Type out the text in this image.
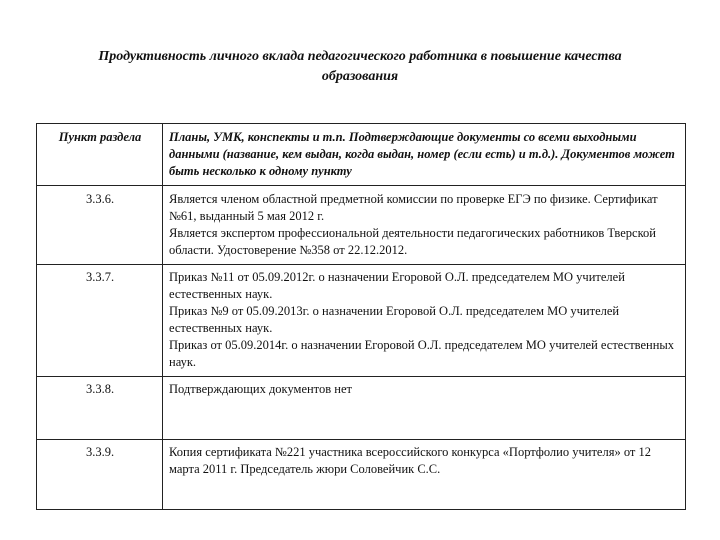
Продуктивность личного вклада педагогического работника в повышение качества
образования
Пункт раздела	Планы, УМК, конспекты и т.п. Подтверждающие документы со всеми выходными данными (название, кем выдан, когда выдан, номер (если есть) и т.д.). Документов может быть несколько к одному пункту
3.3.6.	Является членом областной предметной комиссии по проверке ЕГЭ по физике. Сертификат №61, выданный 5 мая 2012 г.

Является экспертом профессиональной деятельности педагогических работников Тверской области. Удостоверение №358 от 22.12.2012.

3.3.7.	Приказ №11 от 05.09.2012г. о назначении Егоровой О.Л. председателем МО учителей естественных наук.

Приказ №9 от 05.09.2013г. о назначении Егоровой О.Л. председателем МО учителей естественных наук.

Приказ от 05.09.2014г. о назначении Егоровой О.Л. председателем МО учителей естественных наук.

3.3.8.	Подтверждающих документов нет

3.3.9.	Копия сертификата №221 участника всероссийского конкурса «Портфолио учителя» от 12 марта 2011 г. Председатель жюри Соловейчик С.С.
